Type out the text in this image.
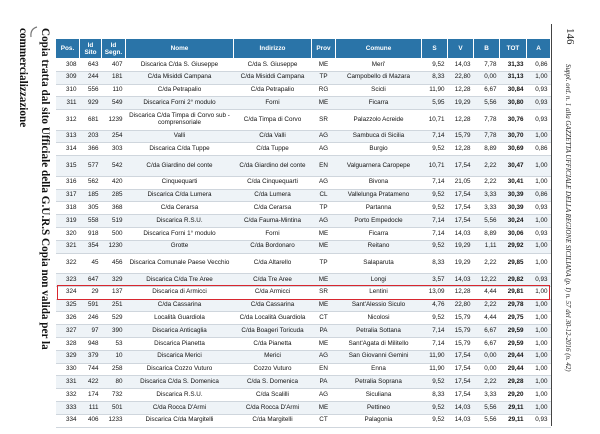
Copia tratta dal sito Ufficiale della G.U.R.S Copia non valida per la
commercializzazione	146
Suppl. ord. n. 1 alla GAZZETTA UFFICIALE DELLA REGIONE SICILIANA (p. I) n. 57 del 30-12-2016 (n. 42)
Pos.	Id Sito	Id Segn.	Nome	Indirizzo	Prov	Comune	S	V	B	TOT	A
308	643	407	Discarica C/da S. Giuseppe	C/da S. Giuseppe	ME	Meri'	9,52	14,03	7,78	31,33	0,86
309	244	181	C/da Misiddi Campana	C/da Misiddi Campana	TP	Campobello di Mazara	8,33	22,80	0,00	31,13	1,00
310	556	110	C/da Petrapalio	C/da Petrapalio	RG	Scicli	11,90	12,28	6,67	30,84	0,93
311	929	549	Discarica Forni 2° modulo	Forni	ME	Ficarra	5,95	19,29	5,56	30,80	0,93
312	681	1239	Discarica C/da Timpa di Corvo sub - comprensoriale	C/da Timpa di Corvo	SR	Palazzolo Acreide	10,71	12,28	7,78	30,76	0,93
313	203	254	Valli	C/da Valli	AG	Sambuca di Sicilia	7,14	15,79	7,78	30,70	1,00
314	366	303	Discarica C/da Tuppe	C/da Tuppe	AG	Burgio	9,52	12,28	8,89	30,69	0,86
315	577	542	C/da Giardino del conte	C/da Giardino del conte	EN	Valguarnera Caropepe	10,71	17,54	2,22	30,47	1,00
316	562	420	Cinquequarti	C/da Cinquequarti	AG	Bivona	7,14	21,05	2,22	30,41	1,00
317	185	285	Discarica C/da Lumera	C/da Lumera	CL	Vallelunga Pratameno	9,52	17,54	3,33	30,39	0,86
318	305	368	C/da Cerarsa	C/da Cerarsa	TP	Partanna	9,52	17,54	3,33	30,39	0,93
319	558	519	Discarica R.S.U.	C/da Fauma-Mintina	AG	Porto Empedocle	7,14	17,54	5,56	30,24	1,00
320	918	500	Discarica Forni 1° modulo	Forni	ME	Ficarra	7,14	14,03	8,89	30,06	0,93
321	354	1230	Grotte	C/da Bordonaro	ME	Reitano	9,52	19,29	1,11	29,92	1,00
322	45	456	Discarica Comunale Paese Vecchio	C/da Altarello	TP	Salaparuta	8,33	19,29	2,22	29,85	1,00
323	647	329	Discarica C/da Tre Aree	C/da Tre Aree	ME	Longi	3,57	14,03	12,22	29,82	0,93
324	29	137	Discarica di Armicci	C/da Armicci	SR	Lentini	13,09	12,28	4,44	29,81	1,00
325	591	251	C/da Cassarina	C/da Cassarina	ME	Sant'Alessio Siculo	4,76	22,80	2,22	29,78	1,00
326	246	529	Località Guardiola	C/da Località Guardiola	CT	Nicolosi	9,52	15,79	4,44	29,75	1,00
327	97	390	Discarica Anticaglia	C/da Boageri Toricuda	PA	Petralia Sottana	7,14	15,79	6,67	29,59	1,00
328	948	53	Discarica Pianetta	C/da Pianetta	ME	Sant'Agata di Militello	7,14	15,79	6,67	29,59	1,00
329	379	10	Discarica Merici	Merici	AG	San Giovanni Gemini	11,90	17,54	0,00	29,44	1,00
330	744	258	Discarica Cozzo Vuturo	Cozzo Vuturo	EN	Enna	11,90	17,54	0,00	29,44	1,00
331	422	80	Discarica C/da S. Domenica	C/da S. Domenica	PA	Petralia Soprana	9,52	17,54	2,22	29,28	1,00
332	174	732	Discarica R.S.U.	C/da Scalilli	AG	Siculiana	8,33	17,54	3,33	29,20	1,00
333	111	501	C/da Rocca D'Armi	C/da Rocca D'Armi	ME	Pettineo	9,52	14,03	5,56	29,11	1,00
334	406	1233	Discarica C/da Margitelli	C/da Margitelli	CT	Palagonia	9,52	14,03	5,56	29,11	0,93
